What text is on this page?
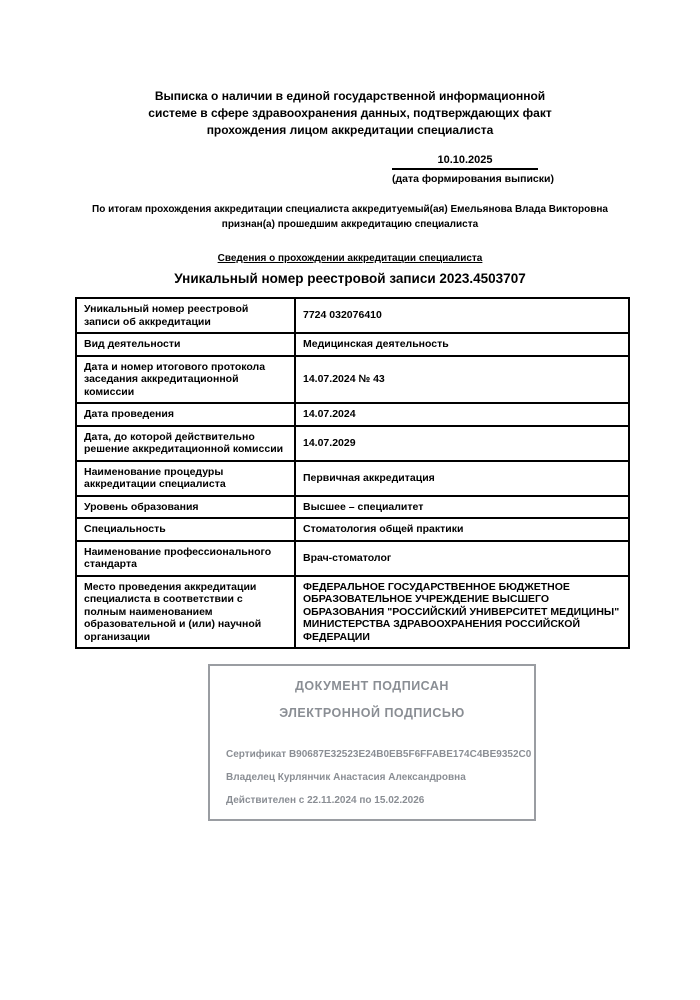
Выписка о наличии в единой государственной информационной
системе в сфере здравоохранения данных, подтверждающих факт
прохождения лицом аккредитации специалиста
10.10.2025
(дата формирования выписки)
По итогам прохождения аккредитации специалиста аккредитуемый(ая) Емельянова Влада Викторовна признан(а) прошедшим аккредитацию специалиста
Сведения о прохождении аккредитации специалиста
Уникальный номер реестровой записи 2023.4503707
Уникальный номер реестровой записи об аккредитации	7724 032076410
Вид деятельности	Медицинская деятельность
Дата и номер итогового протокола заседания аккредитационной комиссии	14.07.2024 № 43
Дата проведения	14.07.2024
Дата, до которой действительно решение аккредитационной комиссии	14.07.2029
Наименование процедуры аккредитации специалиста	Первичная аккредитация
Уровень образования	Высшее – специалитет
Специальность	Стоматология общей практики
Наименование профессионального стандарта	Врач-стоматолог
Место проведения аккредитации специалиста в соответствии с полным наименованием образовательной и (или) научной организации	ФЕДЕРАЛЬНОЕ ГОСУДАРСТВЕННОЕ БЮДЖЕТНОЕ ОБРАЗОВАТЕЛЬНОЕ УЧРЕЖДЕНИЕ ВЫСШЕГО ОБРАЗОВАНИЯ "РОССИЙСКИЙ УНИВЕРСИТЕТ МЕДИЦИНЫ" МИНИСТЕРСТВА ЗДРАВООХРАНЕНИЯ РОССИЙСКОЙ ФЕДЕРАЦИИ
ДОКУМЕНТ ПОДПИСАН
ЭЛЕКТРОННОЙ ПОДПИСЬЮ
Сертификат B90687E32523E24B0EB5F6FFABE174C4BE9352C0
Владелец Курлянчик Анастасия Александровна
Действителен с 22.11.2024 по 15.02.2026
